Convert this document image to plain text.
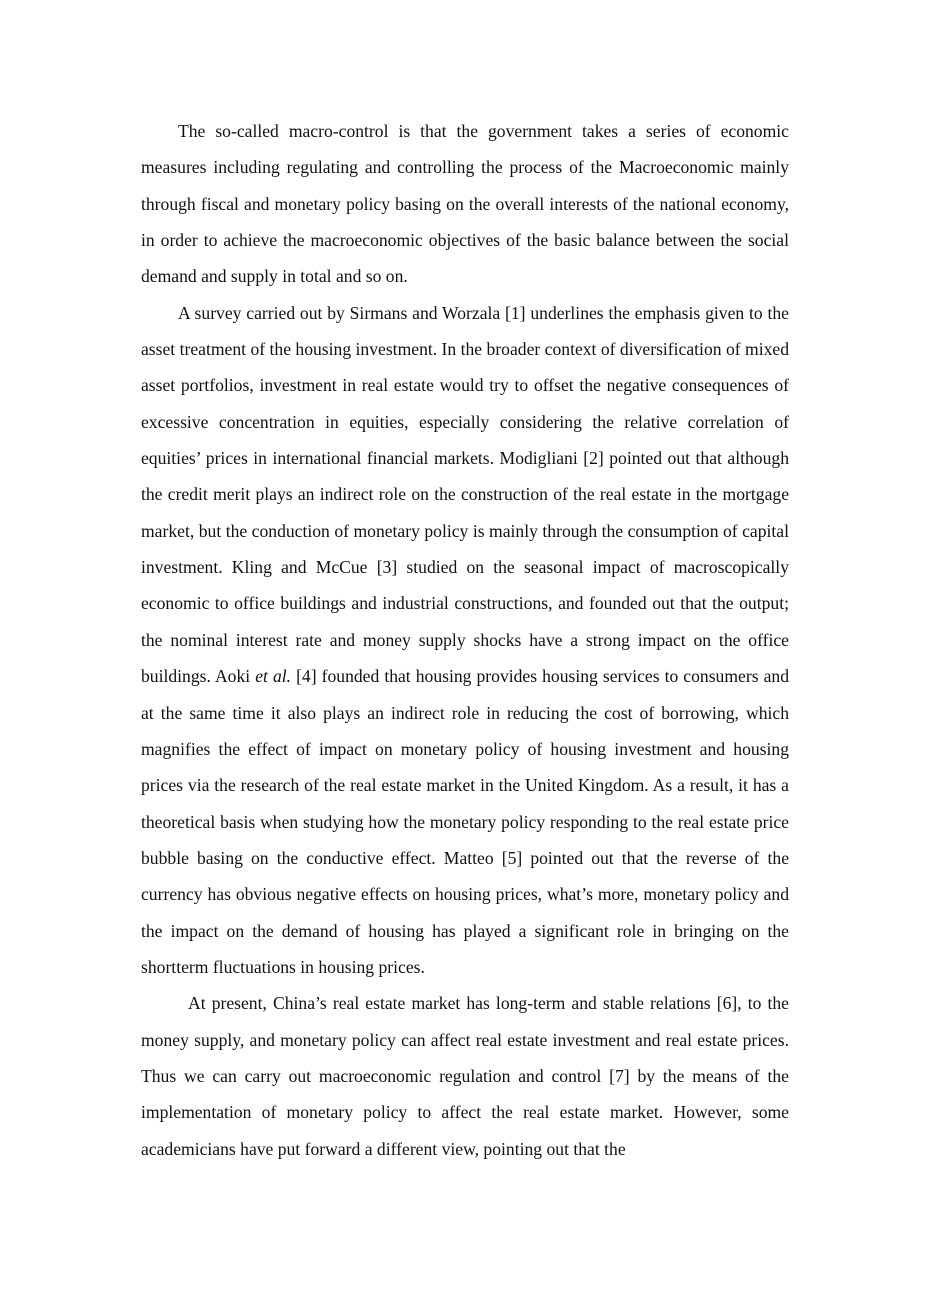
The so-called macro-control is that the government takes a series of economic measures including regulating and controlling the process of the Macroeconomic mainly through fiscal and monetary policy basing on the overall interests of the national economy, in order to achieve the macroeconomic objectives of the basic balance between the social demand and supply in total and so on.

A survey carried out by Sirmans and Worzala [1] underlines the emphasis given to the asset treatment of the housing investment. In the broader context of diversification of mixed asset portfolios, investment in real estate would try to offset the negative consequences of excessive concentration in equities, especially considering the relative correlation of equities’ prices in international financial markets. Modigliani [2] pointed out that although the credit merit plays an indirect role on the construction of the real estate in the mortgage market, but the conduction of monetary policy is mainly through the consumption of capital investment. Kling and McCue [3] studied on the seasonal impact of macroscopically economic to office buildings and industrial constructions, and founded out that the output; the nominal interest rate and money supply shocks have a strong impact on the office buildings. Aoki et al. [4] founded that housing provides housing services to consumers and at the same time it also plays an indirect role in reducing the cost of borrowing, which magnifies the effect of impact on monetary policy of housing investment and housing prices via the research of the real estate market in the United Kingdom. As a result, it has a theoretical basis when studying how the monetary policy responding to the real estate price bubble basing on the conductive effect. Matteo [5] pointed out that the reverse of the currency has obvious negative effects on housing prices, what’s more, monetary policy and the impact on the demand of housing has played a significant role in bringing on the shortterm fluctuations in housing prices.

At present, China’s real estate market has long-term and stable relations [6], to the money supply, and monetary policy can affect real estate investment and real estate prices. Thus we can carry out macroeconomic regulation and control [7] by the means of the implementation of monetary policy to affect the real estate market. However, some academicians have put forward a different view, pointing out that the
